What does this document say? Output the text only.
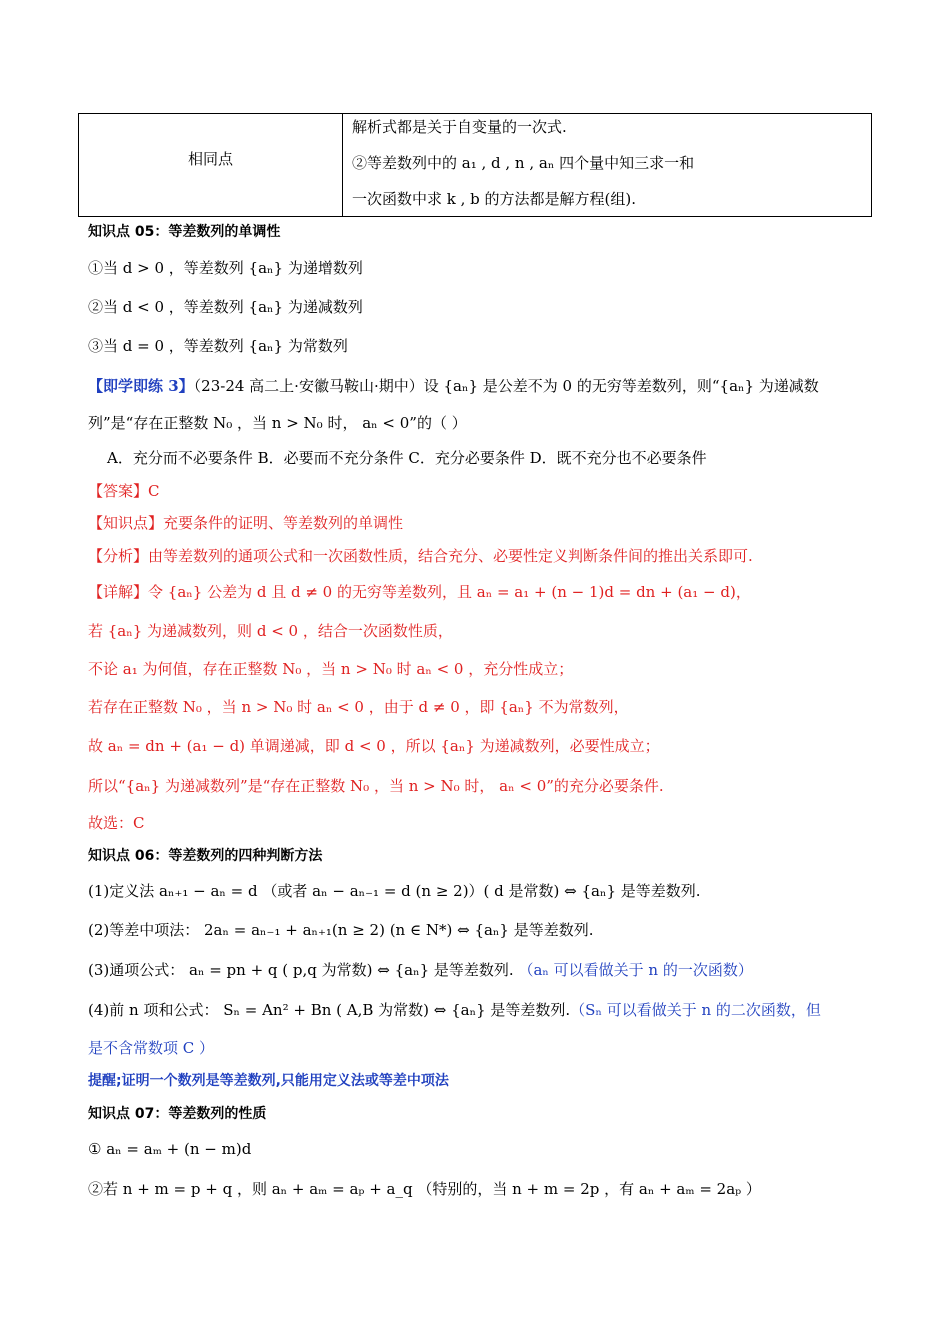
相同点
解析式都是关于自变量的一次式.
②等差数列中的 a₁ , d , n , aₙ 四个量中知三求一和
一次函数中求 k , b 的方法都是解方程(组).
知识点 05：等差数列的单调性
①当 d > 0 ，等差数列 {aₙ} 为递增数列
②当 d < 0 ，等差数列 {aₙ} 为递减数列
③当 d = 0 ，等差数列 {aₙ} 为常数列
【即学即练 3】（23-24 高二上·安徽马鞍山·期中）设 {aₙ} 是公差不为 0 的无穷等差数列，则“{aₙ} 为递减数
列”是“存在正整数 N₀ ，当 n > N₀ 时， aₙ < 0”的（ ）
A．充分而不必要条件 B．必要而不充分条件 C．充分必要条件 D．既不充分也不必要条件
【答案】C
【知识点】充要条件的证明、等差数列的单调性
【分析】由等差数列的通项公式和一次函数性质，结合充分、必要性定义判断条件间的推出关系即可.
【详解】令 {aₙ} 公差为 d 且 d ≠ 0 的无穷等差数列，且 aₙ = a₁ + (n − 1)d = dn + (a₁ − d)，
若 {aₙ} 为递减数列，则 d < 0 ，结合一次函数性质，
不论 a₁ 为何值，存在正整数 N₀ ，当 n > N₀ 时 aₙ < 0 ，充分性成立；
若存在正整数 N₀ ，当 n > N₀ 时 aₙ < 0 ，由于 d ≠ 0 ，即 {aₙ} 不为常数列，
故 aₙ = dn + (a₁ − d) 单调递减，即 d < 0 ，所以 {aₙ} 为递减数列，必要性成立；
所以“{aₙ} 为递减数列”是“存在正整数 N₀ ，当 n > N₀ 时， aₙ < 0”的充分必要条件.
故选：C
知识点 06：等差数列的四种判断方法
(1)定义法 aₙ₊₁ − aₙ = d （或者 aₙ − aₙ₋₁ = d (n ≥ 2)）( d 是常数) ⇔ {aₙ} 是等差数列.
(2)等差中项法： 2aₙ = aₙ₋₁ + aₙ₊₁(n ≥ 2) (n ∈ N*) ⇔ {aₙ} 是等差数列.
(3)通项公式： aₙ = pn + q ( p,q 为常数) ⇔ {aₙ} 是等差数列. （aₙ 可以看做关于 n 的一次函数）
(4)前 n 项和公式： Sₙ = An² + Bn ( A,B 为常数) ⇔ {aₙ} 是等差数列.（Sₙ 可以看做关于 n 的二次函数，但
是不含常数项 C ）
提醒;证明一个数列是等差数列,只能用定义法或等差中项法
知识点 07：等差数列的性质
① aₙ = aₘ + (n − m)d
②若 n + m = p + q ，则 aₙ + aₘ = aₚ + a_q （特别的，当 n + m = 2p ，有 aₙ + aₘ = 2aₚ ）
